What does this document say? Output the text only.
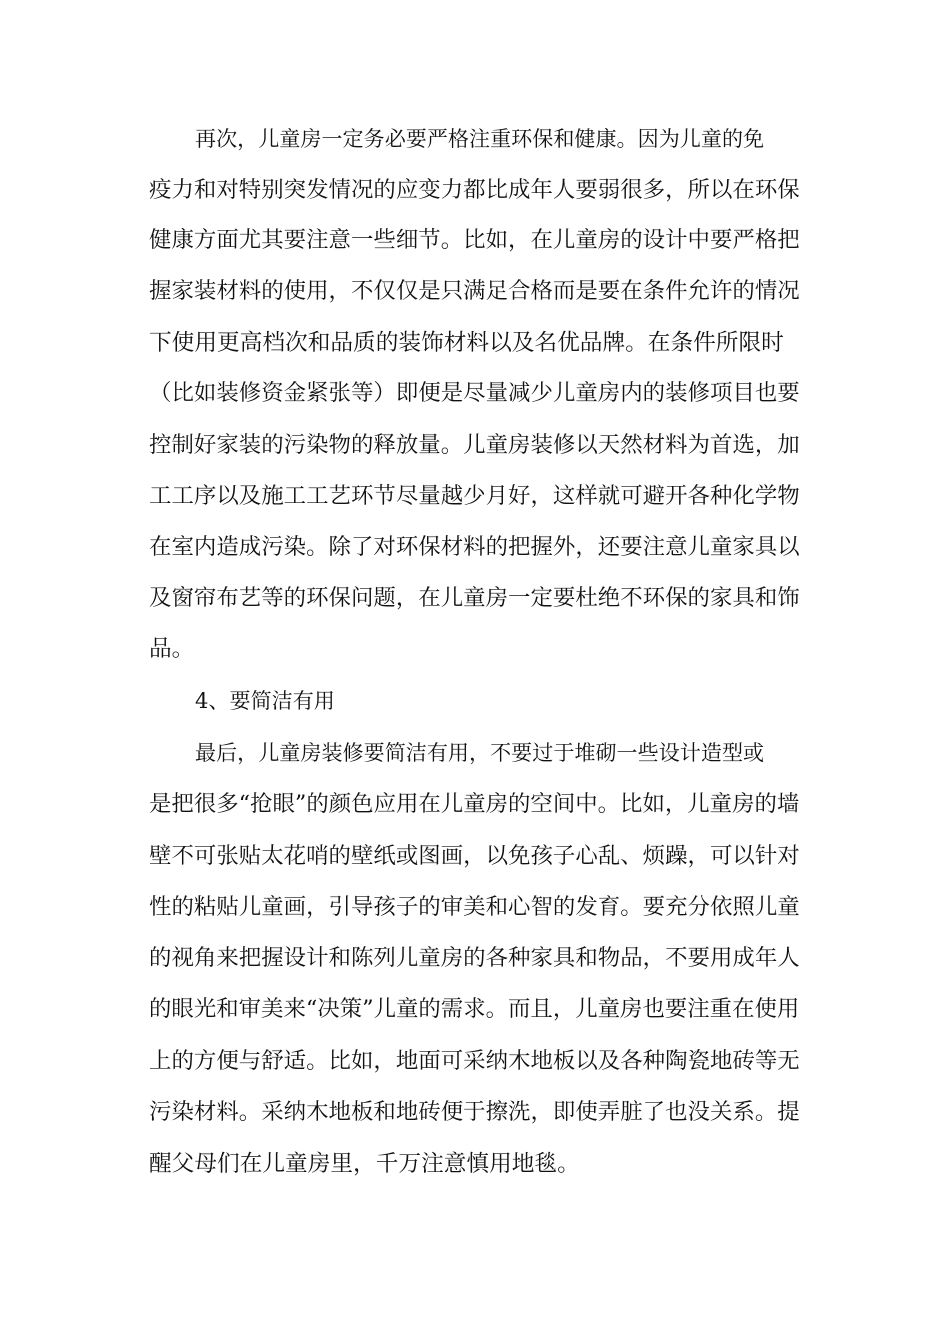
再次，儿童房一定务必要严格注重环保和健康。因为儿童的免
疫力和对特别突发情况的应变力都比成年人要弱很多，所以在环保
健康方面尤其要注意一些细节。比如，在儿童房的设计中要严格把
握家装材料的使用，不仅仅是只满足合格而是要在条件允许的情况
下使用更高档次和品质的装饰材料以及名优品牌。在条件所限时
（比如装修资金紧张等）即便是尽量减少儿童房内的装修项目也要
控制好家装的污染物的释放量。儿童房装修以天然材料为首选，加
工工序以及施工工艺环节尽量越少月好，这样就可避开各种化学物
在室内造成污染。除了对环保材料的把握外，还要注意儿童家具以
及窗帘布艺等的环保问题，在儿童房一定要杜绝不环保的家具和饰
品。
4、要简洁有用
最后，儿童房装修要简洁有用，不要过于堆砌一些设计造型或
是把很多“抢眼”的颜色应用在儿童房的空间中。比如，儿童房的墙
壁不可张贴太花哨的壁纸或图画，以免孩子心乱、烦躁，可以针对
性的粘贴儿童画，引导孩子的审美和心智的发育。要充分依照儿童
的视角来把握设计和陈列儿童房的各种家具和物品，不要用成年人
的眼光和审美来“决策”儿童的需求。而且，儿童房也要注重在使用
上的方便与舒适。比如，地面可采纳木地板以及各种陶瓷地砖等无
污染材料。采纳木地板和地砖便于擦洗，即使弄脏了也没关系。提
醒父母们在儿童房里，千万注意慎用地毯。
